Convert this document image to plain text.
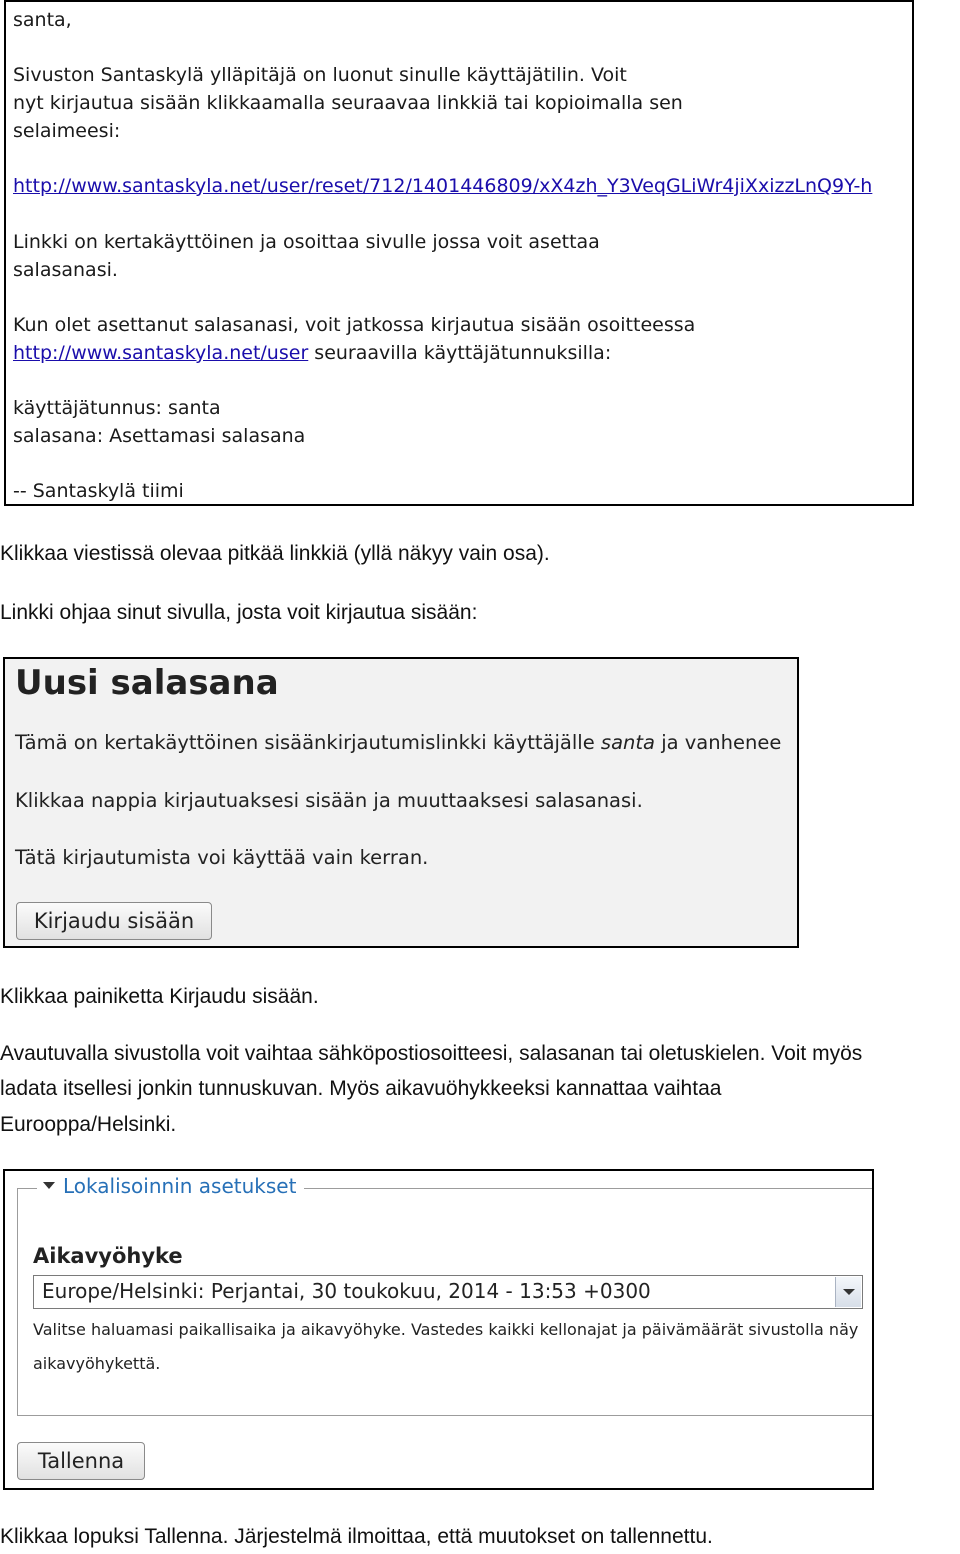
santa,
Sivuston Santaskylä ylläpitäjä on luonut sinulle käyttäjätilin. Voit
nyt kirjautua sisään klikkaamalla seuraavaa linkkiä tai kopioimalla sen
selaimeesi:
http://www.santaskyla.net/user/reset/712/1401446809/xX4zh_Y3VeqGLiWr4jiXxizzLnQ9Y-h
Linkki on kertakäyttöinen ja osoittaa sivulle jossa voit asettaa
salasanasi.
Kun olet asettanut salasanasi, voit jatkossa kirjautua sisään osoitteessa
http://www.santaskyla.net/user seuraavilla käyttäjätunnuksilla:
käyttäjätunnus: santa
salasana: Asettamasi salasana
-- Santaskylä tiimi
Klikkaa viestissä olevaa pitkää linkkiä (yllä näkyy vain osa).
Linkki ohjaa sinut sivulla, josta voit kirjautua sisään:
Uusi salasana
Tämä on kertakäyttöinen sisäänkirjautumislinkki käyttäjälle santa ja vanhenee
Klikkaa nappia kirjautuaksesi sisään ja muuttaaksesi salasanasi.
Tätä kirjautumista voi käyttää vain kerran.
Kirjaudu sisään
Klikkaa painiketta Kirjaudu sisään.
Avautuvalla sivustolla voit vaihtaa sähköpostiosoitteesi, salasanan tai oletuskielen. Voit myös
ladata itsellesi jonkin tunnuskuvan. Myös aikavuöhykkeeksi kannattaa vaihtaa
Eurooppa/Helsinki.
Lokalisoinnin asetukset
Aikavyöhyke
Europe/Helsinki: Perjantai, 30 toukokuu, 2014 - 13:53 +0300
Valitse haluamasi paikallisaika ja aikavyöhyke. Vastedes kaikki kellonajat ja päivämäärät sivustolla näy
aikavyöhykettä.
Tallenna
Klikkaa lopuksi Tallenna. Järjestelmä ilmoittaa, että muutokset on tallennettu.
